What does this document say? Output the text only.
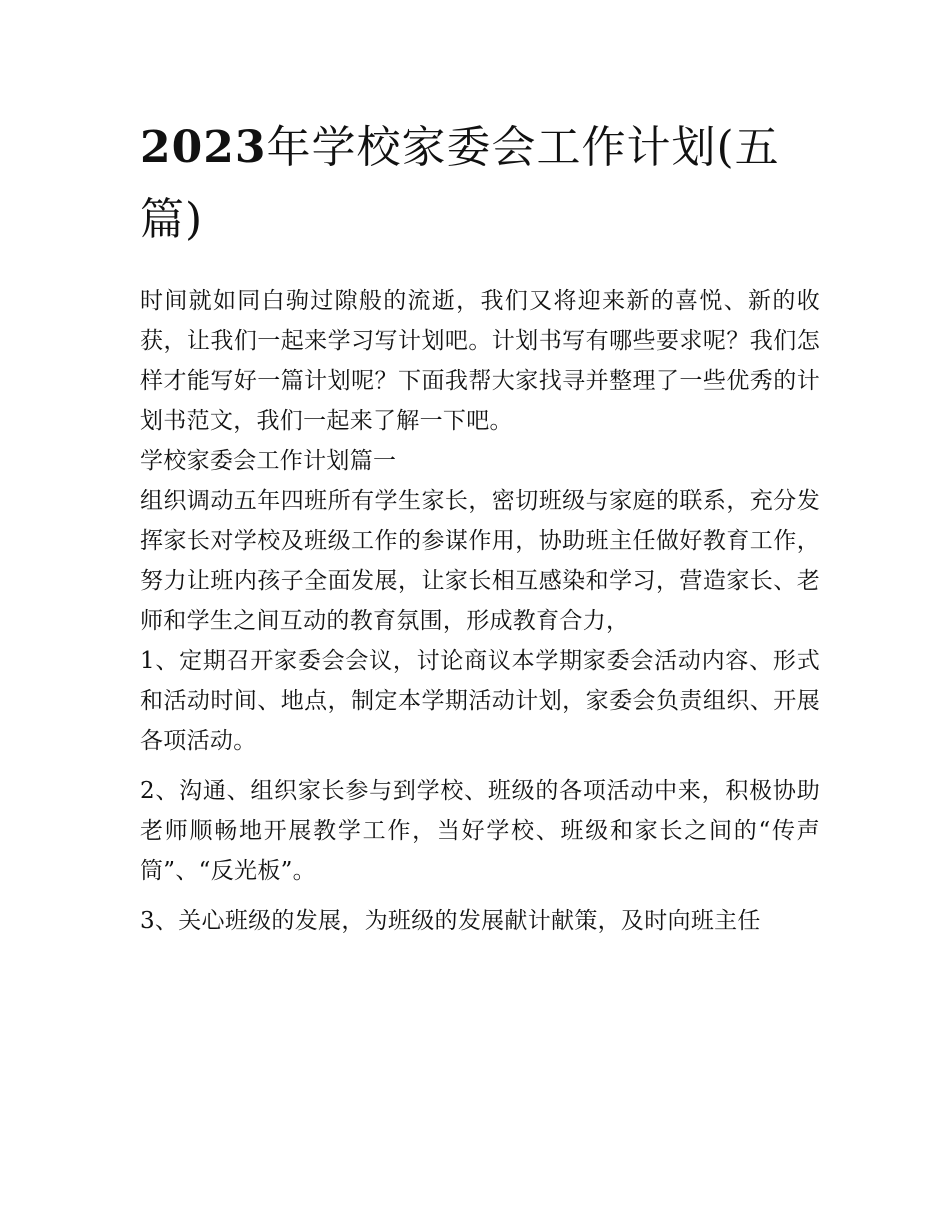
2023年学校家委会工作计划(五篇)

时间就如同白驹过隙般的流逝，我们又将迎来新的喜悦、新的收获，让我们一起来学习写计划吧。计划书写有哪些要求呢？我们怎样才能写好一篇计划呢？下面我帮大家找寻并整理了一些优秀的计划书范文，我们一起来了解一下吧。

学校家委会工作计划篇一

组织调动五年四班所有学生家长，密切班级与家庭的联系，充分发挥家长对学校及班级工作的参谋作用，协助班主任做好教育工作，努力让班内孩子全面发展，让家长相互感染和学习，营造家长、老师和学生之间互动的教育氛围，形成教育合力，

1、定期召开家委会会议，讨论商议本学期家委会活动内容、形式和活动时间、地点，制定本学期活动计划，家委会负责组织、开展各项活动。

2、沟通、组织家长参与到学校、班级的各项活动中来，积极协助老师顺畅地开展教学工作，当好学校、班级和家长之间的“传声筒”、“反光板”。

3、关心班级的发展，为班级的发展献计献策，及时向班主任
